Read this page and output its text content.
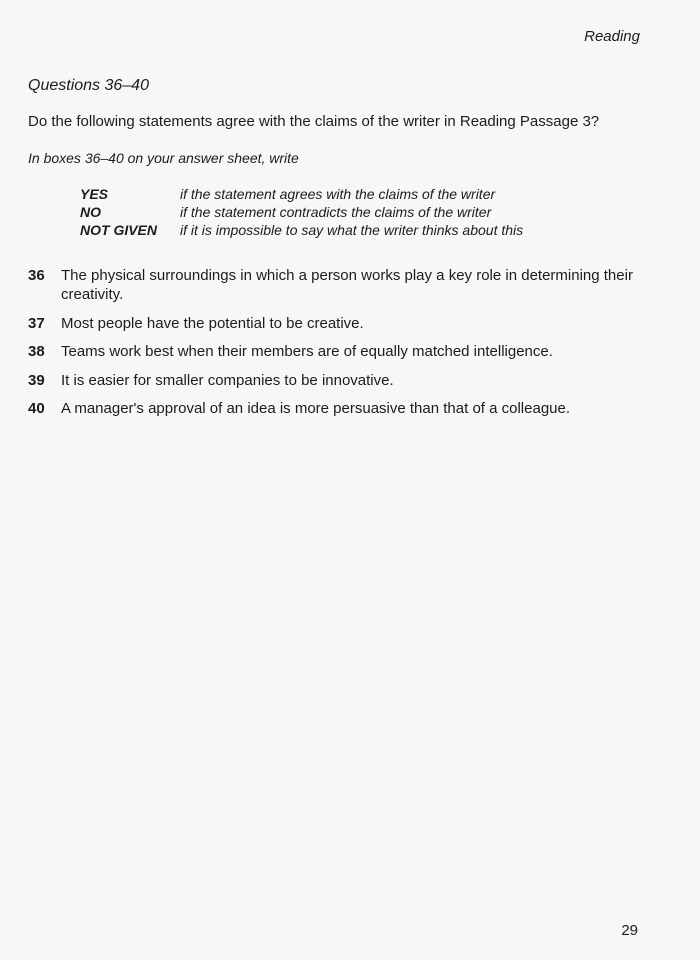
Reading
Questions 36–40
Do the following statements agree with the claims of the writer in Reading Passage 3?
In boxes 36–40 on your answer sheet, write
YES	if the statement agrees with the claims of the writer
NO	if the statement contradicts the claims of the writer
NOT GIVEN	if it is impossible to say what the writer thinks about this
36	The physical surroundings in which a person works play a key role in determining their creativity.
37	Most people have the potential to be creative.
38	Teams work best when their members are of equally matched intelligence.
39	It is easier for smaller companies to be innovative.
40	A manager's approval of an idea is more persuasive than that of a colleague.
29
